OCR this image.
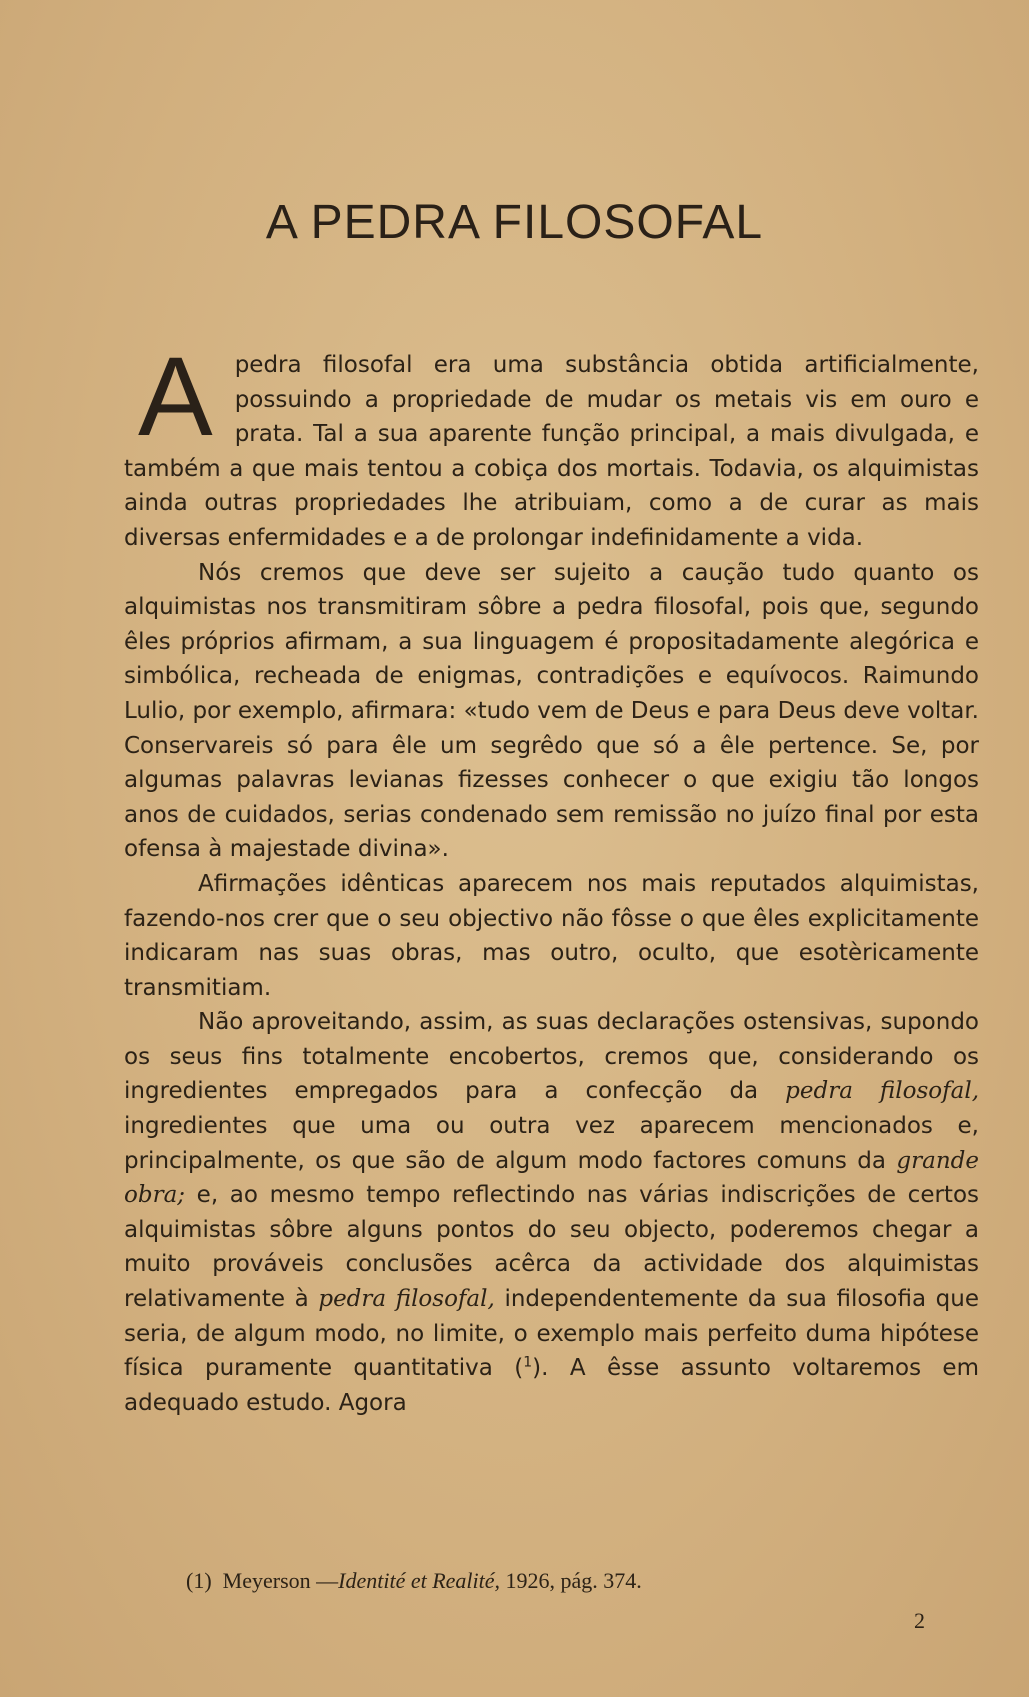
A PEDRA FILOSOFAL

Apedra filosofal era uma substância obtida artificialmente, possuindo a propriedade de mudar os metais vis em ouro e prata. Tal a sua aparente função principal, a mais divulgada, e também a que mais tentou a cobiça dos mortais. Todavia, os alquimistas ainda outras propriedades lhe atribuiam, como a de curar as mais diversas enfermidades e a de prolongar indefinidamente a vida.

Nós cremos que deve ser sujeito a caução tudo quanto os alquimistas nos transmitiram sôbre a pedra filosofal, pois que, segundo êles próprios afirmam, a sua linguagem é propositadamente alegórica e simbólica, recheada de enigmas, contradições e equívocos. Raimundo Lulio, por exemplo, afirmara: «tudo vem de Deus e para Deus deve voltar. Conservareis só para êle um segrêdo que só a êle pertence. Se, por algumas palavras levianas fizesses conhecer o que exigiu tão longos anos de cuidados, serias condenado sem remissão no juízo final por esta ofensa à majestade divina».

Afirmações idênticas aparecem nos mais reputados alquimistas, fazendo-nos crer que o seu objectivo não fôsse o que êles explicitamente indicaram nas suas obras, mas outro, oculto, que esotèricamente transmitiam.

Não aproveitando, assim, as suas declarações ostensivas, supondo os seus fins totalmente encobertos, cremos que, considerando os ingredientes empregados para a confecção da pedra filosofal, ingredientes que uma ou outra vez aparecem mencionados e, principalmente, os que são de algum modo factores comuns da grande obra; e, ao mesmo tempo reflectindo nas várias indiscrições de certos alquimistas sôbre alguns pontos do seu objecto, poderemos chegar a muito prováveis conclusões acêrca da actividade dos alquimistas relativamente à pedra filosofal, independentemente da sua filosofia que seria, de algum modo, no limite, o exemplo mais perfeito duma hipótese física puramente quantitativa ($^1$). A êsse assunto voltaremos em adequado estudo. Agora

(1) Meyerson —Identité et Realité, 1926, pág. 374.
2
